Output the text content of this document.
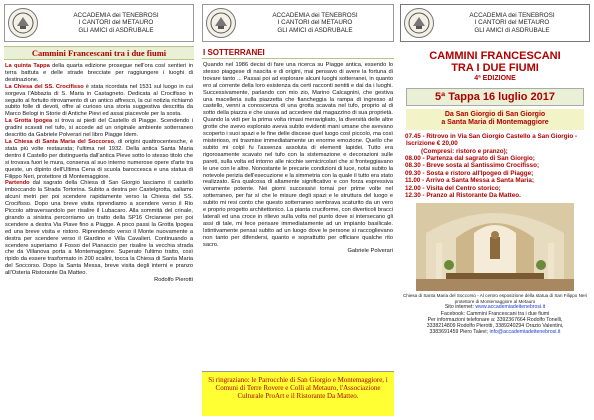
ACCADEMIA dei TENEBROSI
I CANTORI del METAURO
GLI AMICI di ASDRUBALE
Cammini Francescani tra i due fiumi

La quinta Tappa della quarta edizione prosegue nell'ora così sentieri in terra battuta e delle strade brecciate per raggiungere i luoghi di destinazione.

La Chiesa del SS. Crocifisso è stata ricordata nel 1531 sul luogo in cui sorgeva l'Abbazia di S. Maria in Castagneto. Dedicata al Crocifisso in seguito al fortuito ritrovamento di un antico affresco, la cui notizia richiamò subito folle di devoti, offre al curioso una storia suggestiva descritta da Marco Belogi in Storie di Antiche Pievi ed assai piacevole per la sosta.

La Grotta Ipogea si trova ai piedi del Castello di Piagge. Scendendo i gradini scavati nel tufo, si accede ad un originale ambiente sotterraneo descritto da Gabriele Polverari nel libro Piagge Idem.

La Chiesa di Santa Maria del Soccorso, di origini quattrocentesche, è stata più volte restaurata; l'ultima nel 1932. Della antica Santa Maria dentro il Castello per distinguerla dall'antica Pieve sotto lo stesso titolo che si trovava fuori le mura, conserva al suo interno numerose opere d'arte tra queste, un dipinto dell'Ultima Cena di scuola baroccesca e una statua di Filippo Neri, protettore di Montemaggiore.

Partendo dal sagrato della Chiesa di San Giorgio lasciamo il castello imboccando la Strada Tortorina. Subito a destra per Castelgrotta, saliamo alcuni metri per poi scendere rapidamente verso la Chiesa del SS. Crocifisso. Dopo una breve visita riprendiamo a scendere verso il Rio Piccolo attraversandolo per risalire il Lubacaro. Alla sommità del crinale, girando a sinistra percorriamo un tratto della SP16 Orcianese per poi scendere a destra Via Piave fino a Piagge. A poco passi la Grotta Ipogea ed una breve visita e ristoro. Riprendendo verso il Monte nuovamente a destra per scendere verso il Giardino e Villa Cavalieri. Continuando a scendere superiamo il Fosso del Pianaccio per risalire la vecchia strada che da Villanova porta a Montemaggiore. Superato l'ultimo tratto, così ripido da essere trasformato in 200 scalini, tocca la Chiesa di Santa Maria del Soccorso. Dopo la Santa Messa, breve visita degli interni e pranzo all'Osteria Ristorante Da Matteo.

Rodolfo Pierotti
ACCADEMIA dei TENEBROSI
I CANTORI del METAURO
GLI AMICI di ASDRUBALE
I SOTTERRANEI

Quando nel 1986 decisi di fare una ricerca su Piagge antica, essendo lo stesso piaggese di nascita e di origini, mai pensavo di avere la fortuna di trovare tanto ... Passai poi ad esplorare alcuni luoghi sotterranei, in quanto ero al corrente della loro esistenza da certi racconti sentiti e dai da i luoghi. Successivamente, parlando con mio zio, Marino Calcagnini, che gestiva una macelleria sulla piazzetta che fiancheggia la rampa di ingresso al castello, venni a conoscenza di una grotta scavata nel tufo, proprio al di sotto della piazza e che usava ad accedere dal magazzino di sua proprietà. Quando la vidi per la prima volta rimasi meravigliato, la diversità delle altre grotte che avevo esplorato aveva subito evidenti mani umane che avevano scoperto i suoi spazi e le fine delle discese quel luogo così piccolo, ma così misterioso, mi trasmise immediatamente un enorme emozione. Quello che subito mi colpì fu l'assenza assoluta di elementi lapidei. Tutto era rigorosamente scavato nel tufo con la sistemazione e decorazioni sulle pareti, sulla volta ed intorno alle nicchie semicircolari che si fronteggiavano le une con le altre. Nonostante le precarie condizioni di luce, notai subito la notevole perizia dell'esecuzione e la simmetria con la quale il tutto era stato realizzato. Era qualcosa di altamente significativo e con forza espressiva veramente potente. Nei giorni successivi tornai per prime volte nel sotterraneo, per far sì che le misure degli spazi e le struttura del luogo e subito mi resi conto che questo sotterraneo sembrava scaturito da un vero e proprio progetto architettonico. La pianta cruciforme, con diverticoli bracci laterali ed una croce in rilievo sulla volta nel punto dove si intersecano gli assi di tale, mi fece pensare immediatamente ad un impianto basilicale. Istintivamente pensai subito ad un luogo dove le persone si raccoglievano non tanto per difendersi, quanto e soprattutto per officiare qualche rito sacro.

Gabriele Polverari
Si ringraziano: le Parrocchie di San Giorgio e Montemaggiore, i Comuni di Terre Rovere e Colli al Metauro, l'Associazione Culturale ProArt e il Ristorante Da Matteo.
ACCADEMIA dei TENEBROSI
I CANTORI del METAURO
GLI AMICI di ASDRUBALE
CAMMINI FRANCESCANI
TRA I DUE FIUMI
4ª EDIZIONE
5ª Tappa 16 luglio 2017
Da San Giorgio di San Giorgio
a Santa Maria di Montemaggiore
07.45 - Ritrovo in Via San Giorgio Castello a San Giorgio - Iscrizione € 20,00
(Compresi: ristoro e pranzo);
08.00 - Partenza dal sagrato di San Giorgio;
08.30 - Breve sosta al Santissimo Crocifisso;
09.30 - Sosta e ristoro all'Ipogeo di Piagge;
11.00 - Arrivo a Santa Messa a Santa Maria;
12.00 - Visita del Centro storico;
12.30 - Pranzo al Ristorante Da Matteo.
Chiesa di Santa Maria del Soccorso - Al centro esposizione della statua di San Filippo Neri protettore di Montemaggiore al Metauro
Sito internet: www.accademiadeitenebrosi.it
Facebook: Cammini Francescani tra i due fiumi
Per informazioni telefonare a: 3392367664 Rodolfo Tonelli,
3338214809 Rodolfo Pierotti, 3389240294 Orazio Valentini,
3383691459 Piero Talevi; info@accademiadeitenebrosi.it
